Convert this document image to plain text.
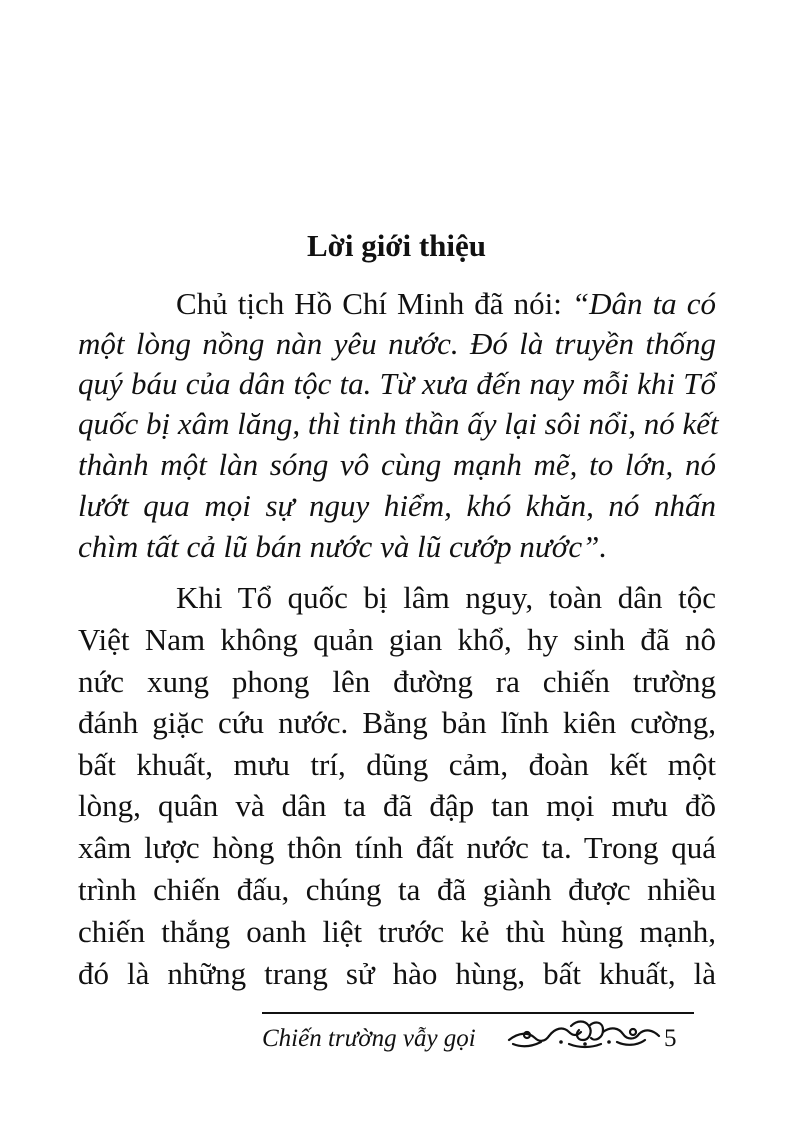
Lời giới thiệu
Chủ tịch Hồ Chí Minh đã nói: “Dân ta có
một lòng nồng nàn yêu nước. Đó là truyền thống
quý báu của dân tộc ta. Từ xưa đến nay mỗi khi Tổ
quốc bị xâm lăng, thì tinh thần ấy lại sôi nổi, nó kết
thành một làn sóng vô cùng mạnh mẽ, to lớn, nó
lướt qua mọi sự nguy hiểm, khó khăn, nó nhấn
chìm tất cả lũ bán nước và lũ cướp nước”.
Khi Tổ quốc bị lâm nguy, toàn dân tộc
Việt Nam không quản gian khổ, hy sinh đã nô
nức xung phong lên đường ra chiến trường
đánh giặc cứu nước. Bằng bản lĩnh kiên cường,
bất khuất, mưu trí, dũng cảm, đoàn kết một
lòng, quân và dân ta đã đập tan mọi mưu đồ
xâm lược hòng thôn tính đất nước ta. Trong quá
trình chiến đấu, chúng ta đã giành được nhiều
chiến thắng oanh liệt trước kẻ thù hùng mạnh,
đó là những trang sử hào hùng, bất khuất, là
Chiến trường vẫy gọi	5
